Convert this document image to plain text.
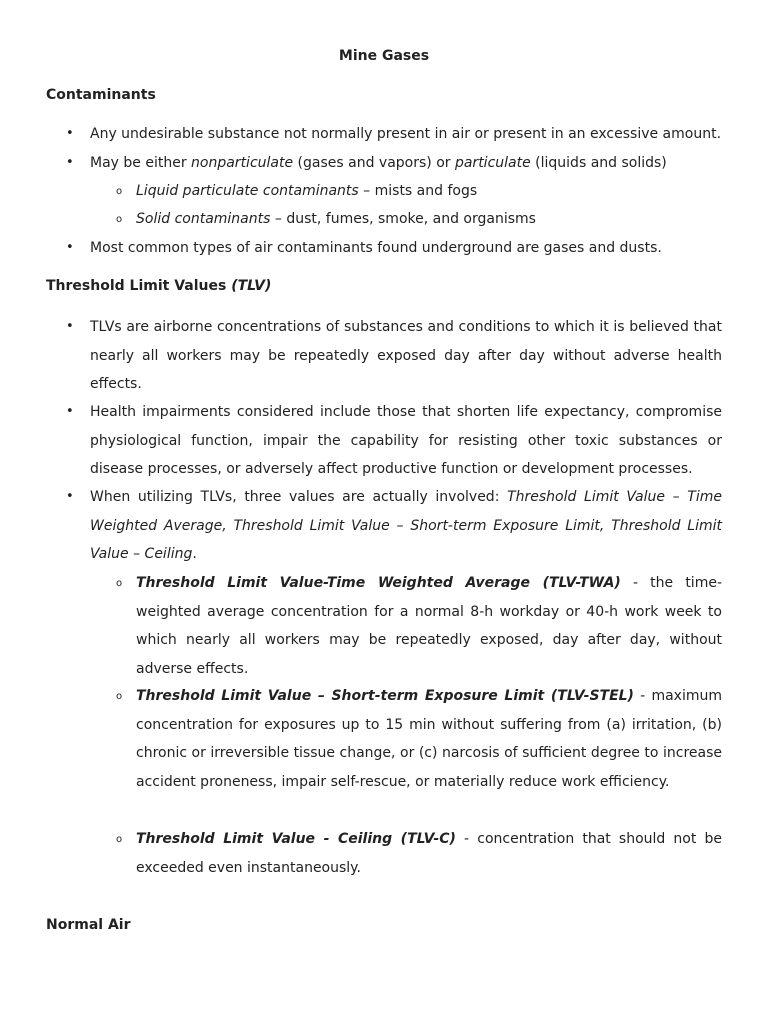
Mine Gases
Contaminants
• Any undesirable substance not normally present in air or present in an excessive amount.
• May be either nonparticulate (gases and vapors) or particulate (liquids and solids)
o Liquid particulate contaminants – mists and fogs
o Solid contaminants – dust, fumes, smoke, and organisms
• Most common types of air contaminants found underground are gases and dusts.
Threshold Limit Values (TLV)
• TLVs are airborne concentrations of substances and conditions to which it is believed that nearly all workers may be repeatedly exposed day after day without adverse health effects.
• Health impairments considered include those that shorten life expectancy, compromise physiological function, impair the capability for resisting other toxic substances or disease processes, or adversely affect productive function or development processes.
• When utilizing TLVs, three values are actually involved: Threshold Limit Value – Time Weighted Average, Threshold Limit Value – Short-term Exposure Limit, Threshold Limit Value – Ceiling.
o Threshold Limit Value-Time Weighted Average (TLV-TWA) - the time-weighted average concentration for a normal 8-h workday or 40-h work week to which nearly all workers may be repeatedly exposed, day after day, without adverse effects.
o Threshold Limit Value – Short-term Exposure Limit (TLV-STEL) - maximum concentration for exposures up to 15 min without suffering from (a) irritation, (b) chronic or irreversible tissue change, or (c) narcosis of sufficient degree to increase accident proneness, impair self-rescue, or materially reduce work efficiency.
o Threshold Limit Value - Ceiling (TLV-C) - concentration that should not be exceeded even instantaneously.
Normal Air
